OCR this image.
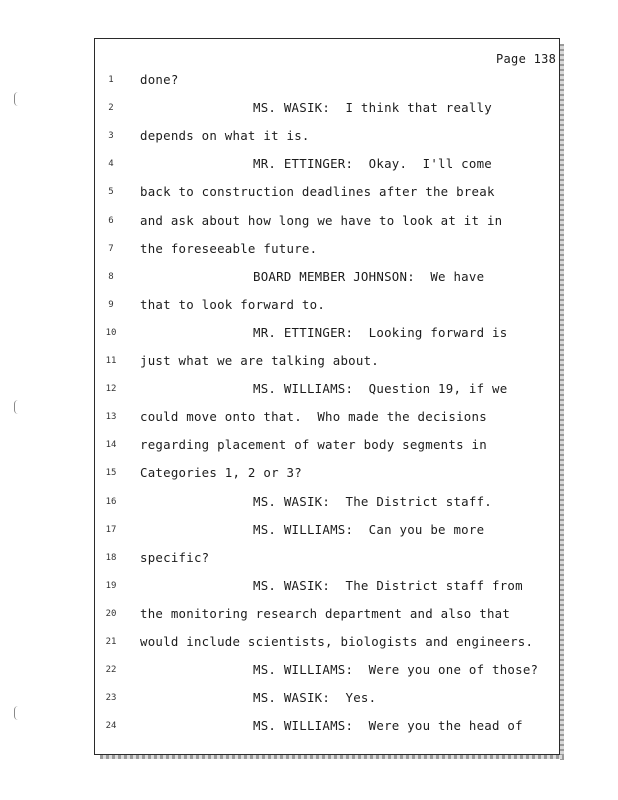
Page 138
1	done?
2	MS. WASIK:  I think that really
3	depends on what it is.
4	MR. ETTINGER:  Okay.  I'll come
5	back to construction deadlines after the break
6	and ask about how long we have to look at it in
7	the foreseeable future.
8	BOARD MEMBER JOHNSON:  We have
9	that to look forward to.
10	MR. ETTINGER:  Looking forward is
11	just what we are talking about.
12	MS. WILLIAMS:  Question 19, if we
13	could move onto that.  Who made the decisions
14	regarding placement of water body segments in
15	Categories 1, 2 or 3?
16	MS. WASIK:  The District staff.
17	MS. WILLIAMS:  Can you be more
18	specific?
19	MS. WASIK:  The District staff from
20	the monitoring research department and also that
21	would include scientists, biologists and engineers.
22	MS. WILLIAMS:  Were you one of those?
23	MS. WASIK:  Yes.
24	MS. WILLIAMS:  Were you the head of
